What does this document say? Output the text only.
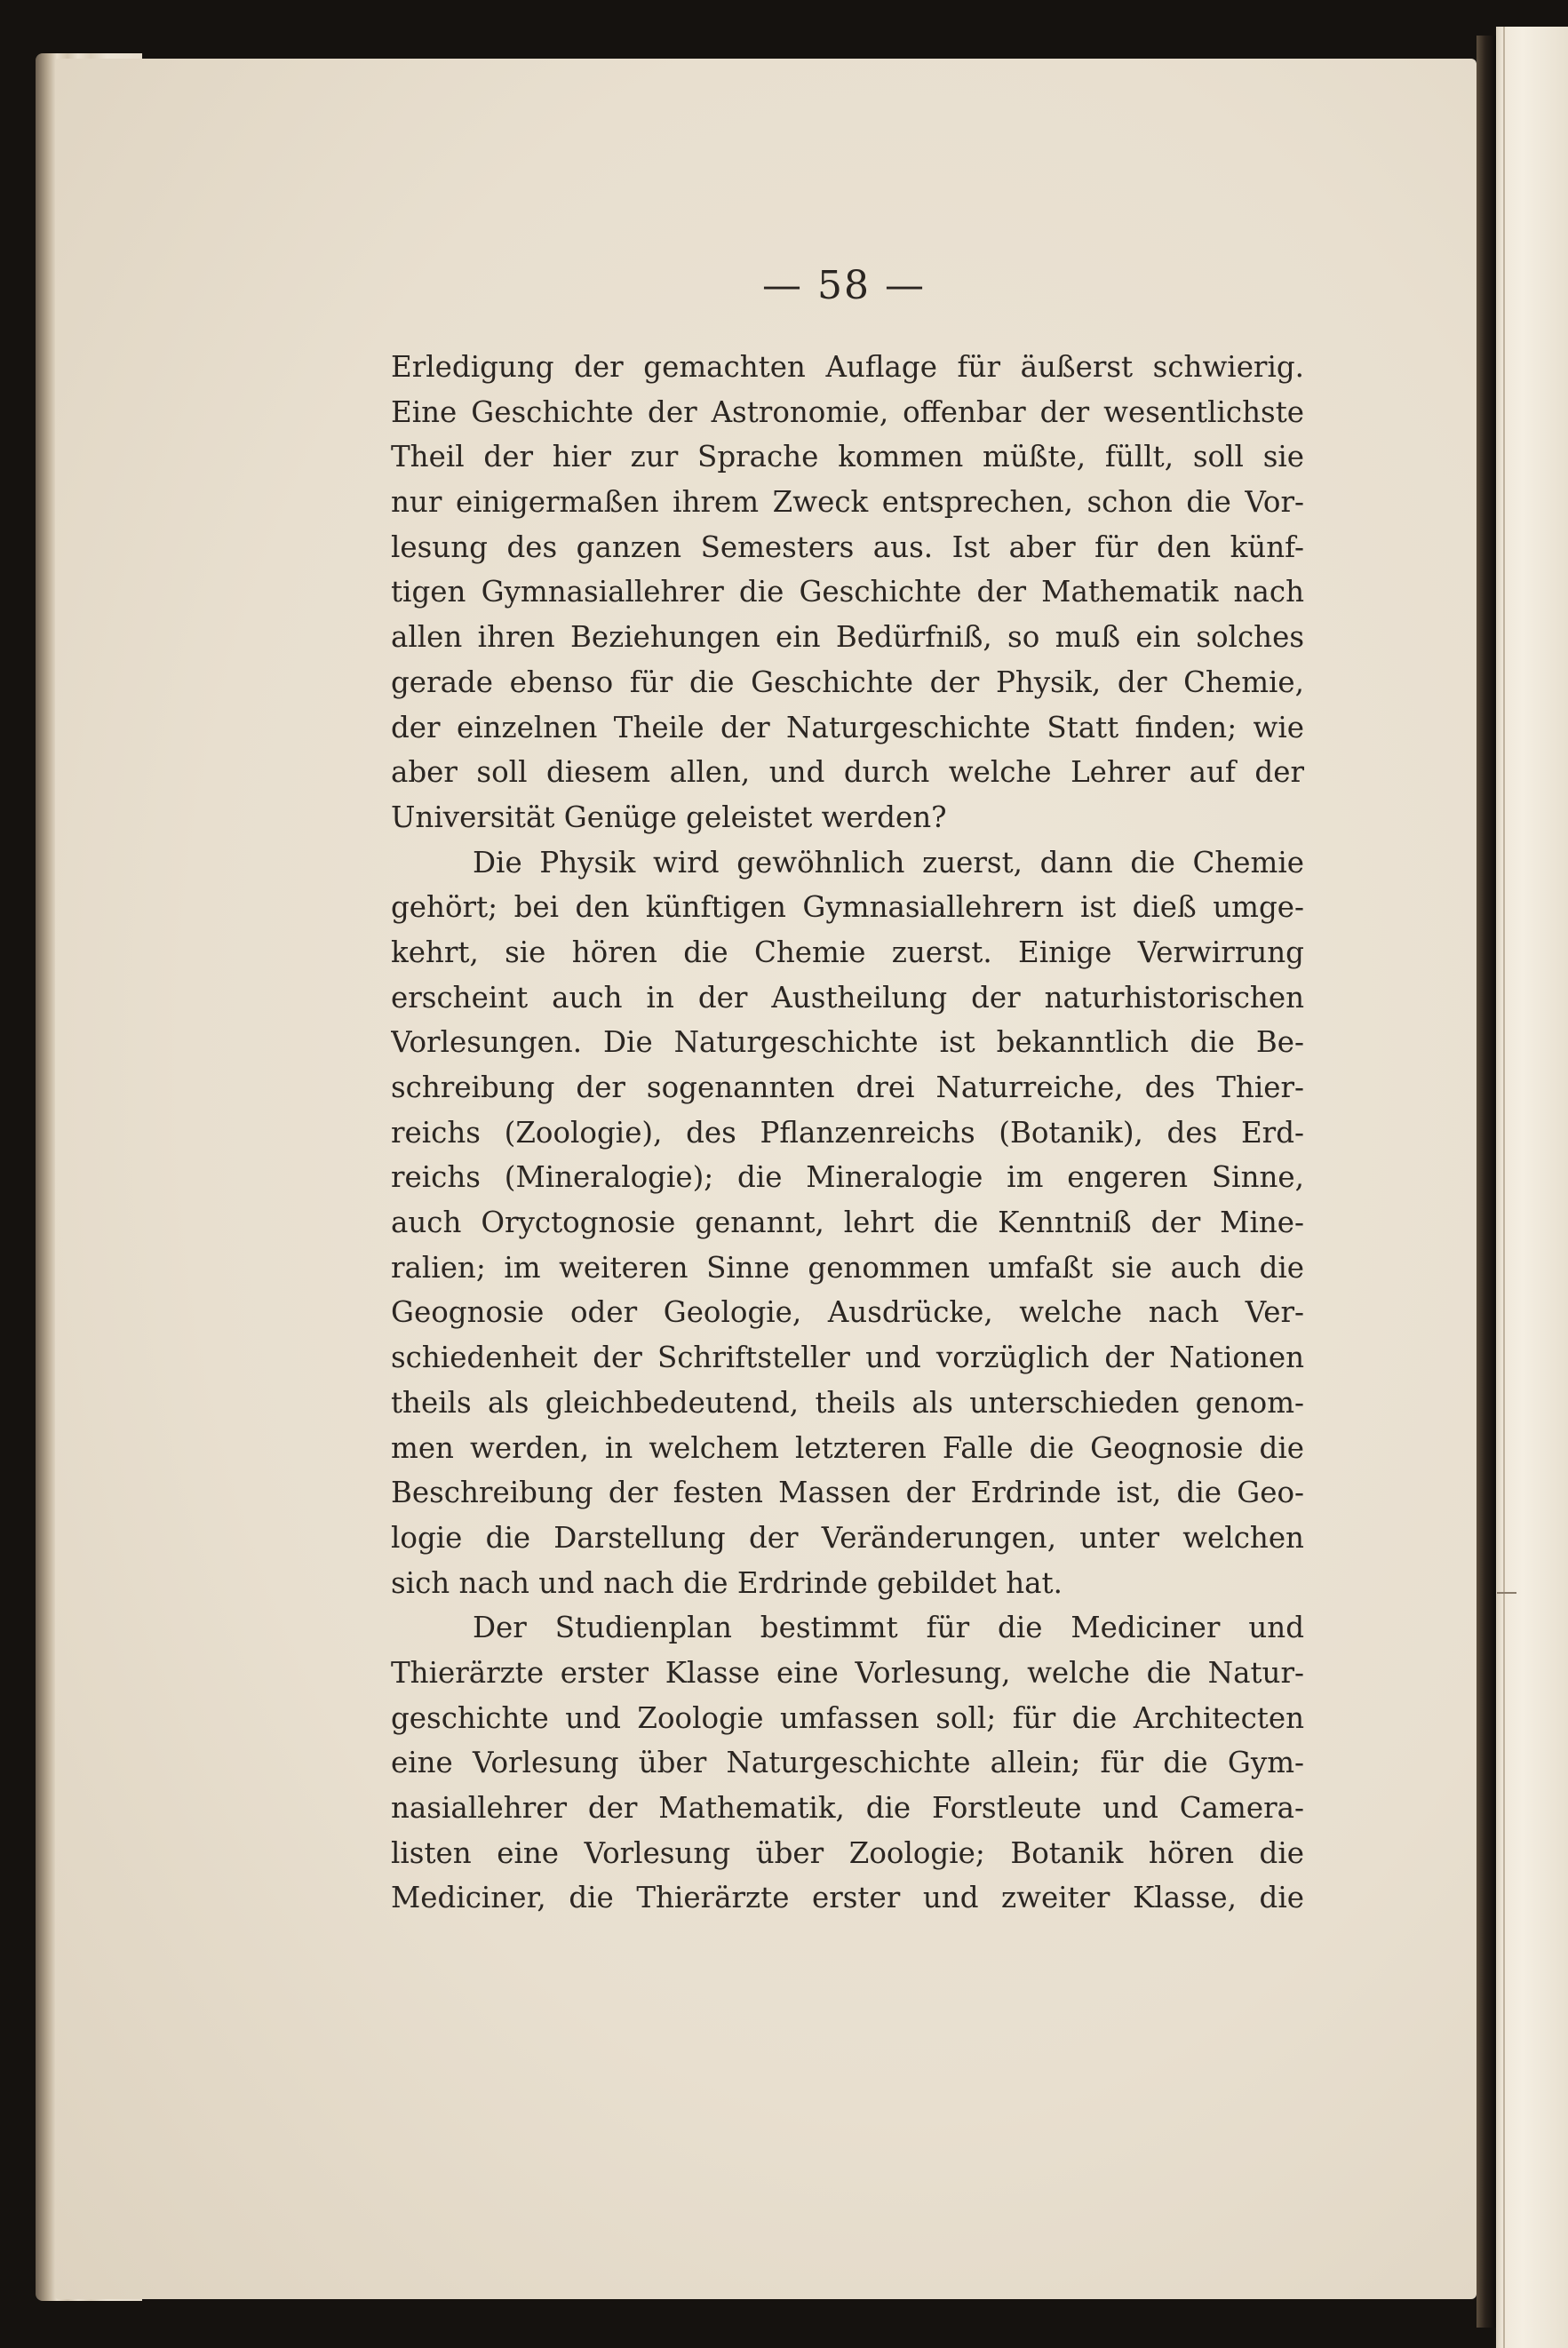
— 58 —
Erledigung der gemachten Auflage für äußerst schwierig.
Eine Geschichte der Astronomie, offenbar der wesentlichste
Theil der hier zur Sprache kommen müßte, füllt, soll sie
nur einigermaßen ihrem Zweck entsprechen, schon die Vor-
lesung des ganzen Semesters aus. Ist aber für den künf-
tigen Gymnasiallehrer die Geschichte der Mathematik nach
allen ihren Beziehungen ein Bedürfniß, so muß ein solches
gerade ebenso für die Geschichte der Physik, der Chemie,
der einzelnen Theile der Naturgeschichte Statt finden; wie
aber soll diesem allen, und durch welche Lehrer auf der
Universität Genüge geleistet werden?
Die Physik wird gewöhnlich zuerst, dann die Chemie
gehört; bei den künftigen Gymnasiallehrern ist dieß umge-
kehrt, sie hören die Chemie zuerst. Einige Verwirrung
erscheint auch in der Austheilung der naturhistorischen
Vorlesungen. Die Naturgeschichte ist bekanntlich die Be-
schreibung der sogenannten drei Naturreiche, des Thier-
reichs (Zoologie), des Pflanzenreichs (Botanik), des Erd-
reichs (Mineralogie); die Mineralogie im engeren Sinne,
auch Oryctognosie genannt, lehrt die Kenntniß der Mine-
ralien; im weiteren Sinne genommen umfaßt sie auch die
Geognosie oder Geologie, Ausdrücke, welche nach Ver-
schiedenheit der Schriftsteller und vorzüglich der Nationen
theils als gleichbedeutend, theils als unterschieden genom-
men werden, in welchem letzteren Falle die Geognosie die
Beschreibung der festen Massen der Erdrinde ist, die Geo-
logie die Darstellung der Veränderungen, unter welchen
sich nach und nach die Erdrinde gebildet hat.
Der Studienplan bestimmt für die Mediciner und
Thierärzte erster Klasse eine Vorlesung, welche die Natur-
geschichte und Zoologie umfassen soll; für die Architecten
eine Vorlesung über Naturgeschichte allein; für die Gym-
nasiallehrer der Mathematik, die Forstleute und Camera-
listen eine Vorlesung über Zoologie; Botanik hören die
Mediciner, die Thierärzte erster und zweiter Klasse, die
